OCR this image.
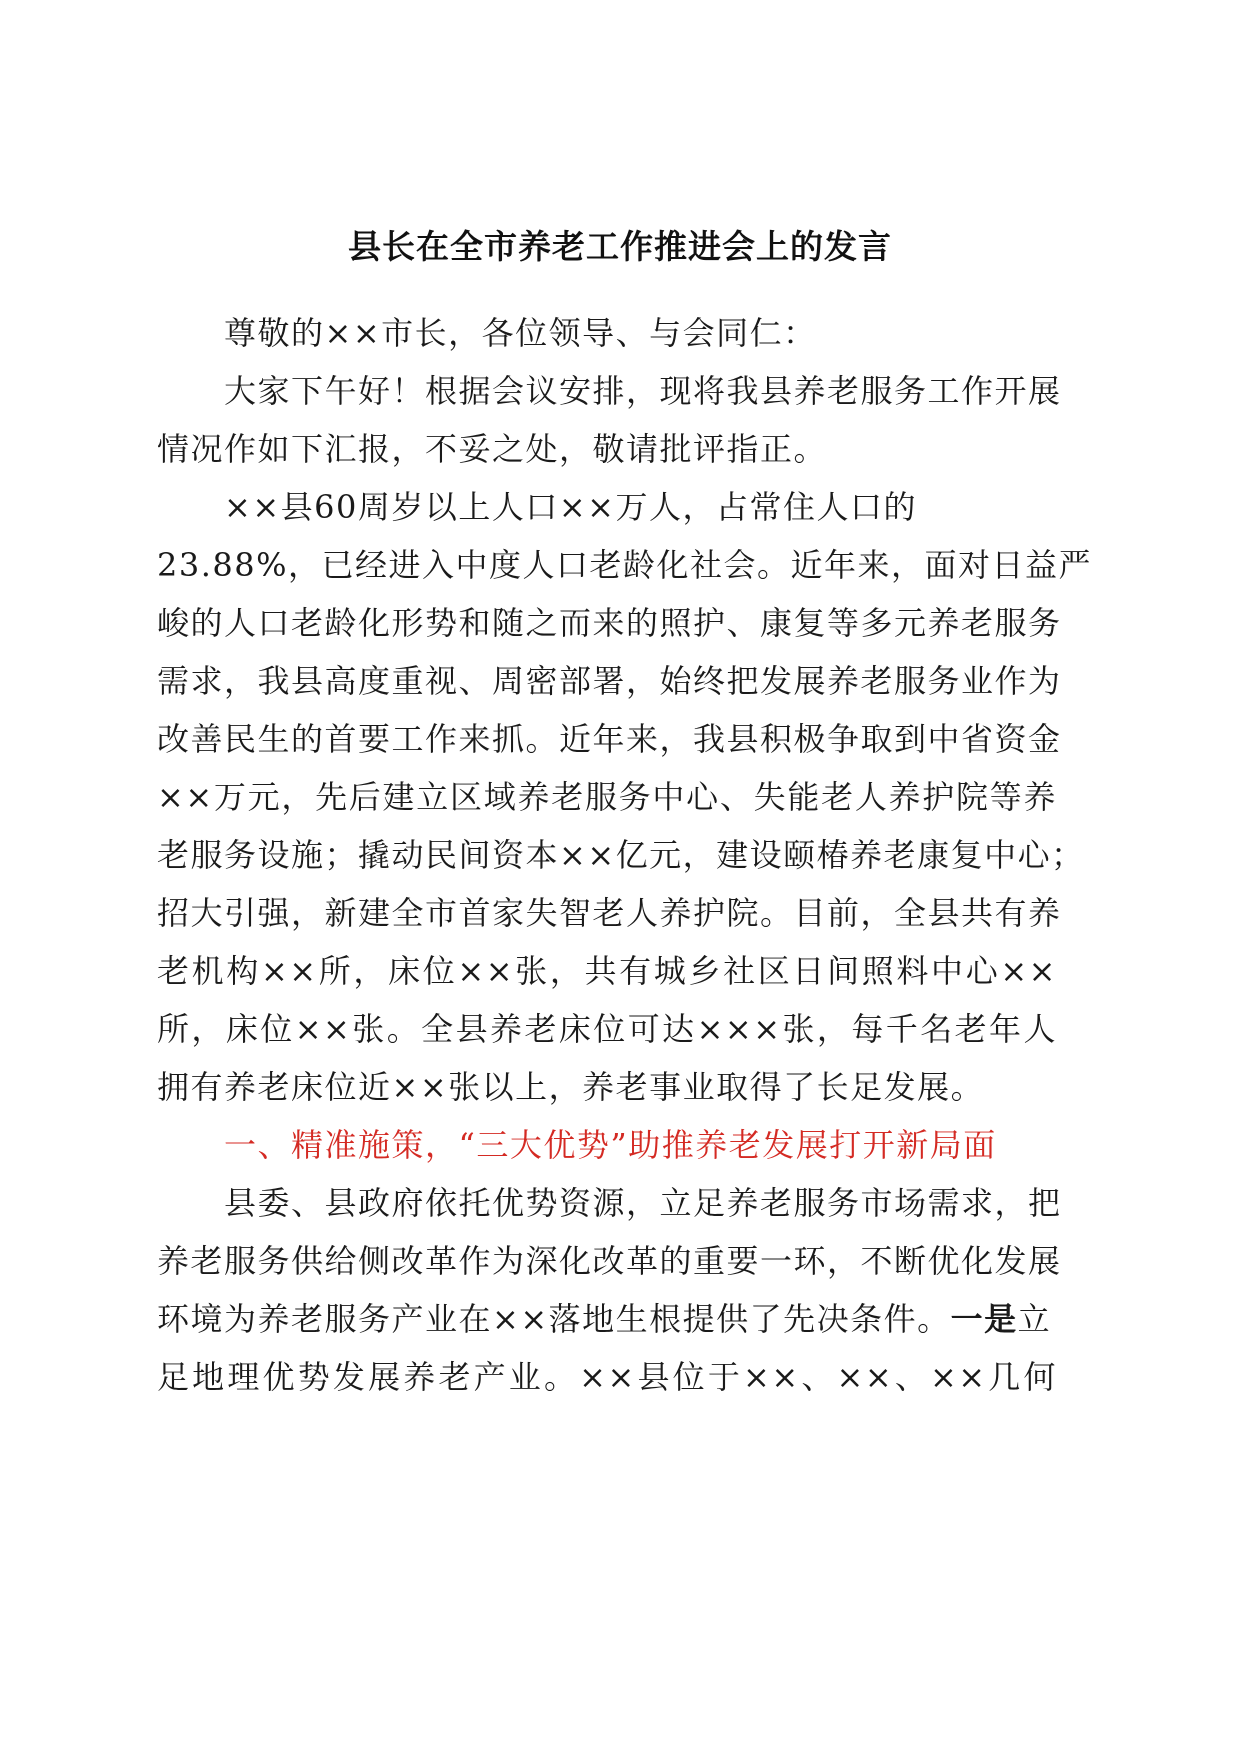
县长在全市养老工作推进会上的发言
尊敬的××市长，各位领导、与会同仁：
大家下午好！根据会议安排，现将我县养老服务工作开展
情况作如下汇报，不妥之处，敬请批评指正。
××县60周岁以上人口××万人，占常住人口的
23.88%，已经进入中度人口老龄化社会。近年来，面对日益严
峻的人口老龄化形势和随之而来的照护、康复等多元养老服务
需求，我县高度重视、周密部署，始终把发展养老服务业作为
改善民生的首要工作来抓。近年来，我县积极争取到中省资金
××万元，先后建立区域养老服务中心、失能老人养护院等养
老服务设施；撬动民间资本××亿元，建设颐椿养老康复中心；
招大引强，新建全市首家失智老人养护院。目前，全县共有养
老机构××所，床位××张，共有城乡社区日间照料中心××
所，床位××张。全县养老床位可达×××张，每千名老年人
拥有养老床位近××张以上，养老事业取得了长足发展。
一、精准施策，“三大优势”助推养老发展打开新局面
县委、县政府依托优势资源，立足养老服务市场需求，把
养老服务供给侧改革作为深化改革的重要一环，不断优化发展
环境为养老服务产业在××落地生根提供了先决条件。一是立
足地理优势发展养老产业。××县位于××、××、××几何
